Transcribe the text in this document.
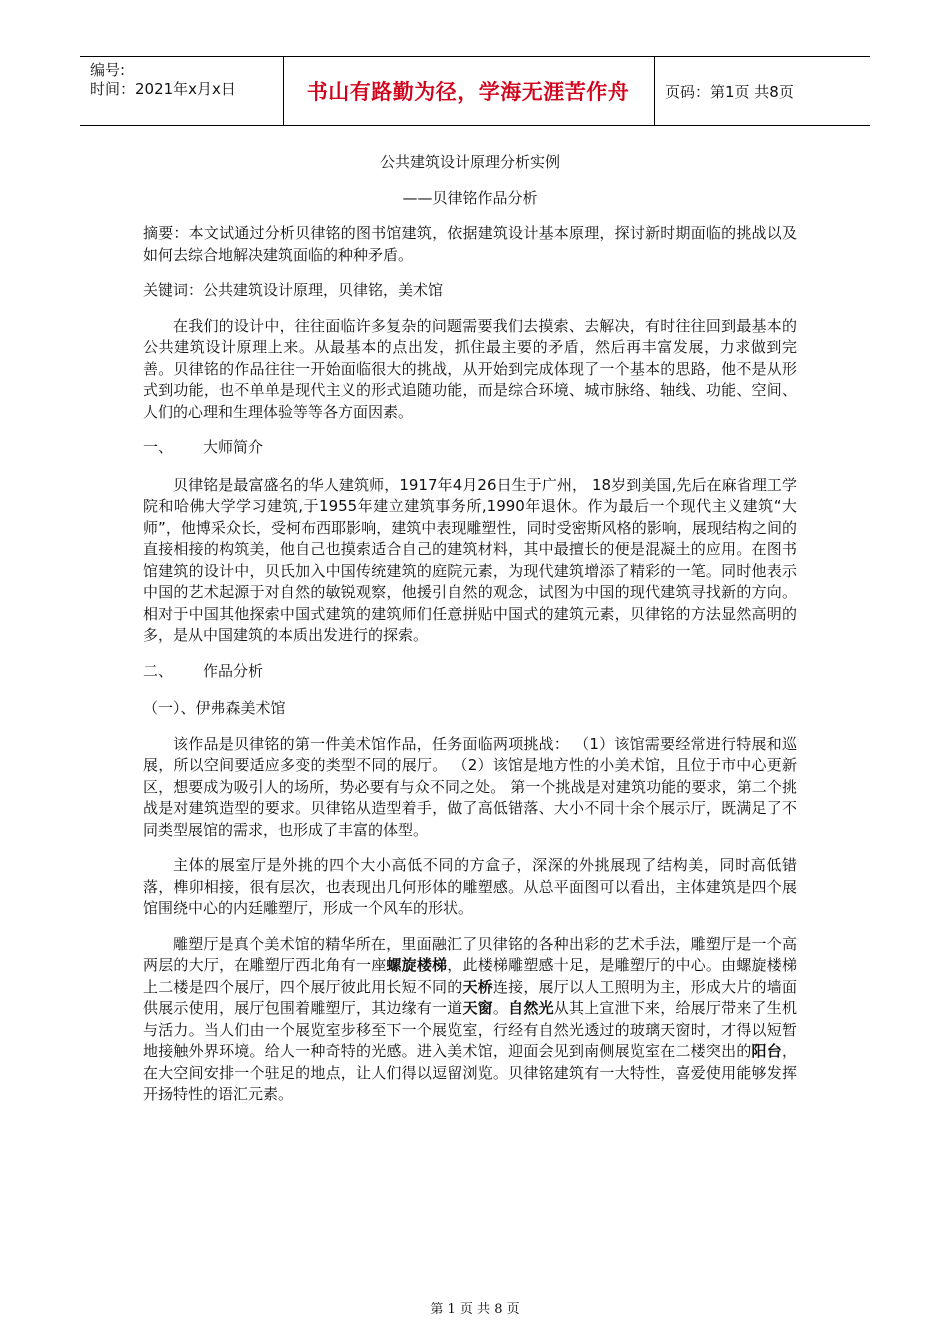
编号:
时间：2021年x月x日	书山有路勤为径，学海无涯苦作舟	页码：第1页 共8页

公共建筑设计原理分析实例

——贝律铭作品分析

摘要：本文试通过分析贝律铭的图书馆建筑，依据建筑设计基本原理，探讨新时期面临的挑战以及如何去综合地解决建筑面临的种种矛盾。

关键词：公共建筑设计原理，贝律铭，美术馆

在我们的设计中，往往面临许多复杂的问题需要我们去摸索、去解决，有时往往回到最基本的公共建筑设计原理上来。从最基本的点出发，抓住最主要的矛盾，然后再丰富发展，力求做到完善。贝律铭的作品往往一开始面临很大的挑战，从开始到完成体现了一个基本的思路，他不是从形式到功能，也不单单是现代主义的形式追随功能，而是综合环境、城市脉络、轴线、功能、空间、人们的心理和生理体验等等各方面因素。

一、 大师简介

贝律铭是最富盛名的华人建筑师，1917年4月26日生于广州， 18岁到美国,先后在麻省理工学院和哈佛大学学习建筑,于1955年建立建筑事务所,1990年退休。作为最后一个现代主义建筑“大师”，他博采众长，受柯布西耶影响，建筑中表现雕塑性，同时受密斯风格的影响，展现结构之间的直接相接的构筑美，他自己也摸索适合自己的建筑材料，其中最擅长的便是混凝土的应用。在图书馆建筑的设计中，贝氏加入中国传统建筑的庭院元素，为现代建筑增添了精彩的一笔。同时他表示中国的艺术起源于对自然的敏锐观察，他援引自然的观念，试图为中国的现代建筑寻找新的方向。相对于中国其他探索中国式建筑的建筑师们任意拼贴中国式的建筑元素，贝律铭的方法显然高明的多，是从中国建筑的本质出发进行的探索。

二、 作品分析

（一）、伊弗森美术馆

该作品是贝律铭的第一件美术馆作品，任务面临两项挑战： （1）该馆需要经常进行特展和巡展，所以空间要适应多变的类型不同的展厅。 （2）该馆是地方性的小美术馆，且位于市中心更新区，想要成为吸引人的场所，势必要有与众不同之处。 第一个挑战是对建筑功能的要求，第二个挑战是对建筑造型的要求。贝律铭从造型着手，做了高低错落、大小不同十余个展示厅，既满足了不同类型展馆的需求，也形成了丰富的体型。

主体的展室厅是外挑的四个大小高低不同的方盒子，深深的外挑展现了结构美，同时高低错落，榫卯相接，很有层次，也表现出几何形体的雕塑感。从总平面图可以看出，主体建筑是四个展馆围绕中心的内廷雕塑厅，形成一个风车的形状。

雕塑厅是真个美术馆的精华所在，里面融汇了贝律铭的各种出彩的艺术手法，雕塑厅是一个高两层的大厅，在雕塑厅西北角有一座螺旋楼梯，此楼梯雕塑感十足，是雕塑厅的中心。由螺旋楼梯上二楼是四个展厅，四个展厅彼此用长短不同的天桥连接，展厅以人工照明为主，形成大片的墙面供展示使用，展厅包围着雕塑厅，其边缘有一道天窗。自然光从其上宣泄下来，给展厅带来了生机与活力。当人们由一个展览室步移至下一个展览室，行经有自然光透过的玻璃天窗时，才得以短暂地接触外界环境。给人一种奇特的光感。进入美术馆，迎面会见到南侧展览室在二楼突出的阳台，在大空间安排一个驻足的地点，让人们得以逗留浏览。贝律铭建筑有一大特性，喜爱使用能够发挥开扬特性的语汇元素。

第 1 页 共 8 页
